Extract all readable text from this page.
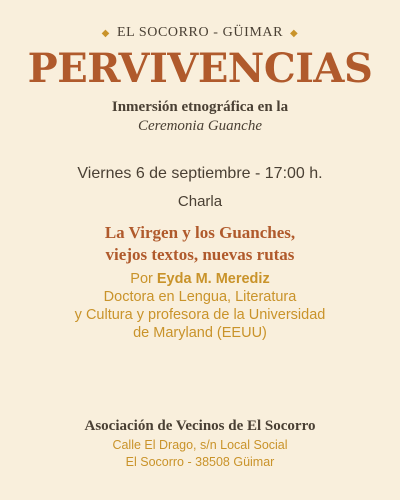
◆ EL SOCORRO - GÜIMAR ◆
PERVIVENCIAS
Inmersión etnográfica en la
Ceremonia Guanche
Viernes 6 de septiembre - 17:00 h.
Charla
La Virgen y los Guanches,
viejos textos, nuevas rutas
Por Eyda M. Merediz
Doctora en Lengua, Literatura
y Cultura y profesora de la Universidad
de Maryland (EEUU)
Asociación de Vecinos de El Socorro
Calle El Drago, s/n Local Social
El Socorro - 38508 Güimar
